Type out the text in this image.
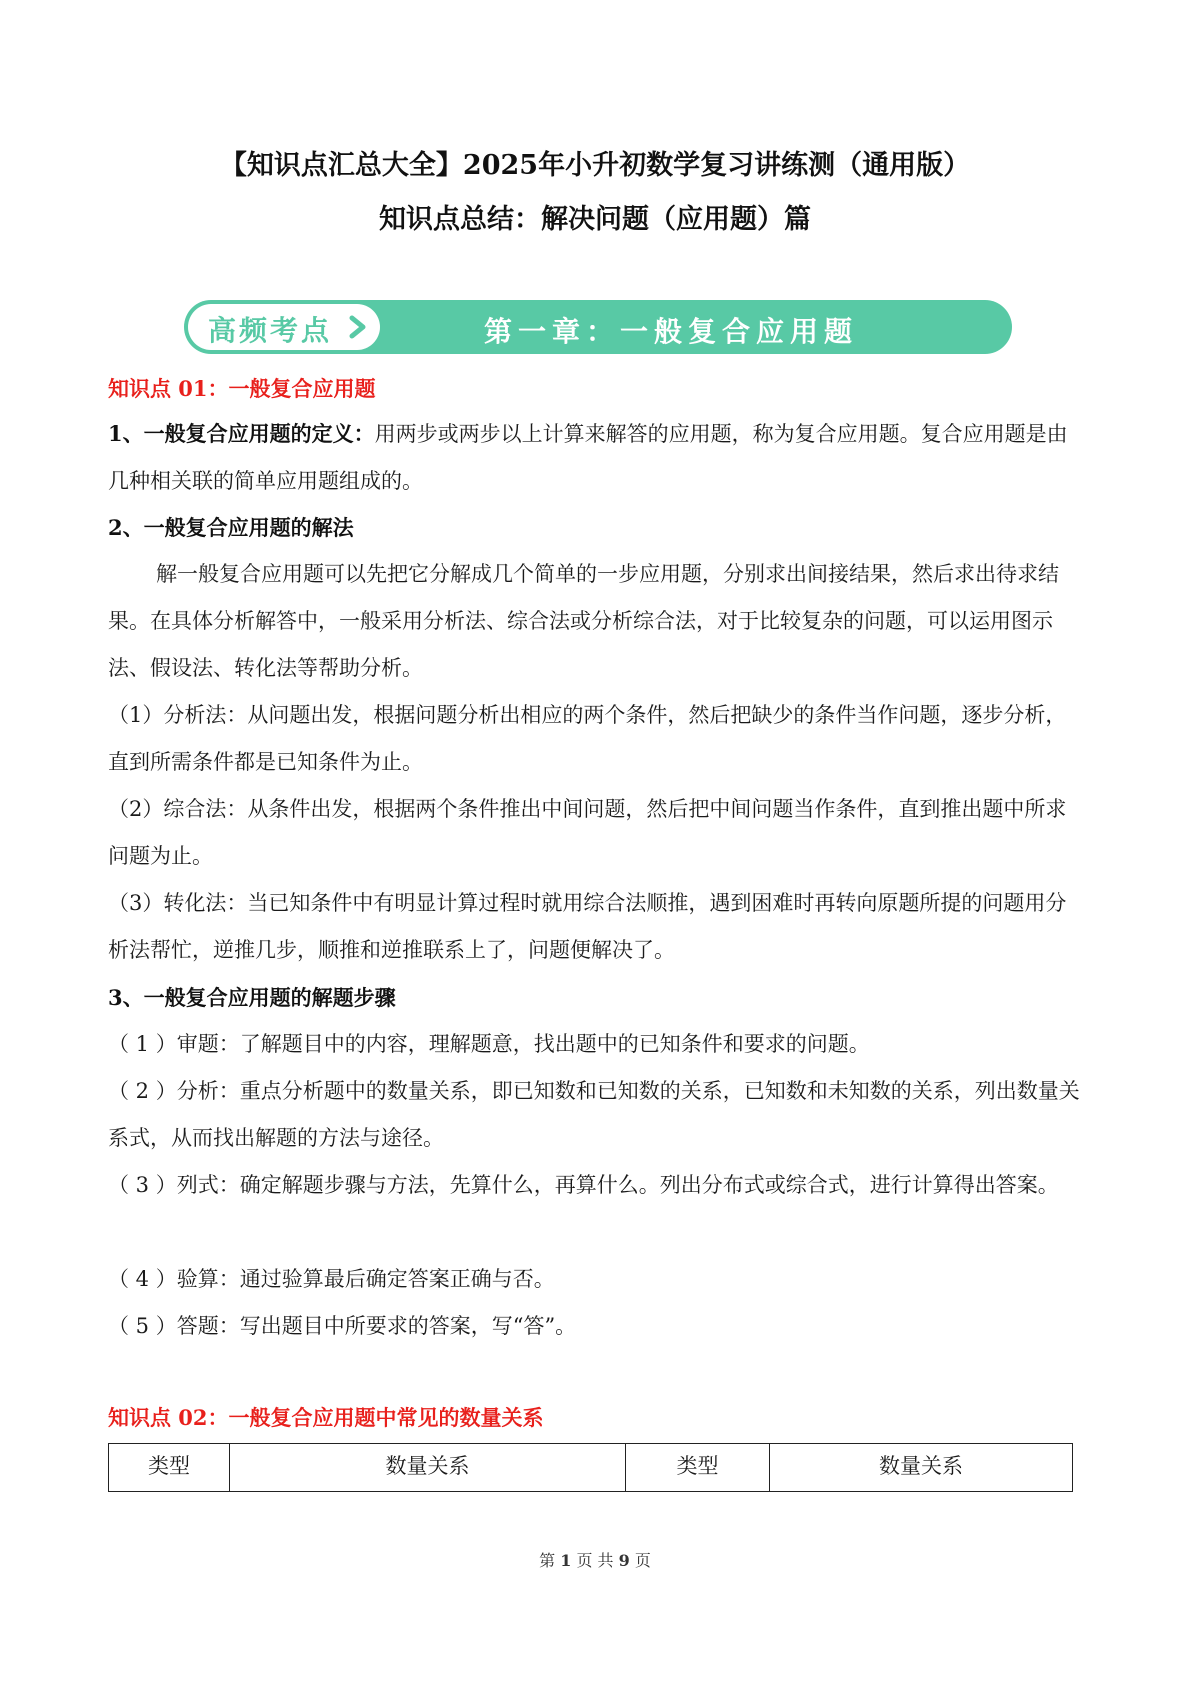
【知识点汇总大全】2025年小升初数学复习讲练测（通用版）
知识点总结：解决问题（应用题）篇
高频考点	第一章：一般复合应用题
知识点 01：一般复合应用题
1、一般复合应用题的定义：用两步或两步以上计算来解答的应用题，称为复合应用题。复合应用题是由几种相关联的简单应用题组成的。
2、一般复合应用题的解法
解一般复合应用题可以先把它分解成几个简单的一步应用题，分别求出间接结果，然后求出待求结果。在具体分析解答中，一般采用分析法、综合法或分析综合法，对于比较复杂的问题，可以运用图示法、假设法、转化法等帮助分析。
（1）分析法：从问题出发，根据问题分析出相应的两个条件，然后把缺少的条件当作问题，逐步分析，直到所需条件都是已知条件为止。
（2）综合法：从条件出发，根据两个条件推出中间问题，然后把中间问题当作条件，直到推出题中所求问题为止。
（3）转化法：当已知条件中有明显计算过程时就用综合法顺推，遇到困难时再转向原题所提的问题用分析法帮忙，逆推几步，顺推和逆推联系上了，问题便解决了。
3、一般复合应用题的解题步骤
（ 1 ）审题：了解题目中的内容，理解题意，找出题中的已知条件和要求的问题。
（ 2 ）分析：重点分析题中的数量关系，即已知数和已知数的关系，已知数和未知数的关系，列出数量关系式，从而找出解题的方法与途径。
（ 3 ）列式：确定解题步骤与方法，先算什么，再算什么。列出分布式或综合式，进行计算得出答案。
（ 4 ）验算：通过验算最后确定答案正确与否。
（ 5 ）答题：写出题目中所要求的答案，写“答”。
知识点 02：一般复合应用题中常见的数量关系
类型	数量关系	类型	数量关系
第 1 页 共 9 页
